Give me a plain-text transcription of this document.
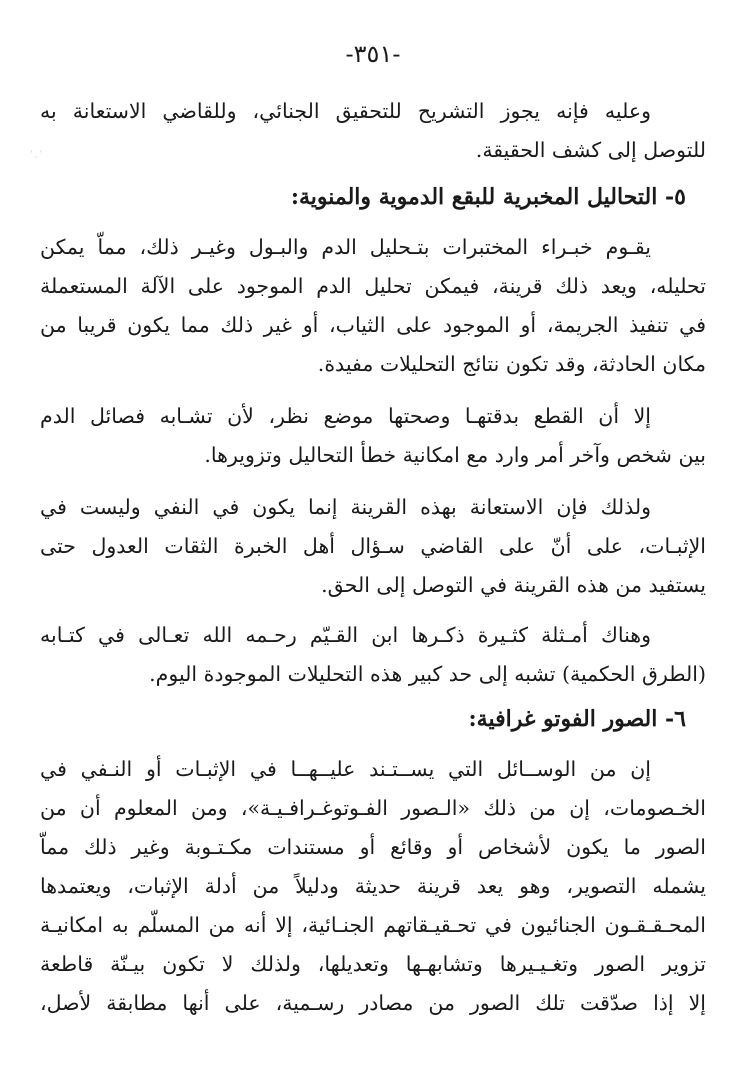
-٣٥١-
ˈ ˌ ˈ
وعليه فإنه يجوز التشريح للتحقيق الجنائي، وللقاضي الاستعانة به
للتوصل إلى كشف الحقيقة.
٥- التحاليل المخبرية للبقع الدموية والمنوية:
يقـوم خبـراء المختبرات بتـحليل الدم والبـول وغيـر ذلك، مماّ يمكن
تحليله، ويعد ذلك قرينة، فيمكن تحليل الدم الموجود على الآلة المستعملة
في تنفيذ الجريمة، أو الموجود على الثياب، أو غير ذلك مما يكون قريبا من
مكان الحادثة، وقد تكون نتائج التحليلات مفيدة.
إلا أن القطع بدقتهـا وصحتها موضع نظر، لأن تشـابه فصائل الدم
بين شخص وآخر أمر وارد مع امكانية خطأ التحاليل وتزويرها.
ولذلك فإن الاستعانة بهذه القرينة إنما يكون في النفي وليست في
الإثبـات، على أنّ على القاضي سـؤال أهل الخبرة الثقات العدول حتى
يستفيد من هذه القرينة في التوصل إلى الحق.
وهناك أمـثلة كثـيرة ذكـرها ابن القـيّم رحـمه الله تعـالى في كتـابه
(الطرق الحكمية) تشبه إلى حد كبير هذه التحليلات الموجودة اليوم.
٦- الصور الفوتو غرافية:
إن من الوســائل التي يســتـند عليــهــا في الإثبـات أو النـفي في
الخـصومات، إن من ذلك «الـصور الفـوتوغـرافـيـة»، ومن المعلوم أن من
الصور ما يكون لأشخاص أو وقائع أو مستندات مكـتـوبة وغير ذلك مماّ
يشمله التصوير، وهو يعد قرينة حديثة ودليلاً من أدلة الإثبات، ويعتمدها
المحـقـقـون الجنائيون في تحـقيـقاتهم الجنـائية، إلا أنه من المسلّم به امكانيـة
تزوير الصور وتغـيـيرها وتشابهـها وتعديلها، ولذلك لا تكون بيـنّة قاطعة
إلا إذا صدّقت تلك الصور من مصادر رسـمية، على أنها مطابقة لأصل،
